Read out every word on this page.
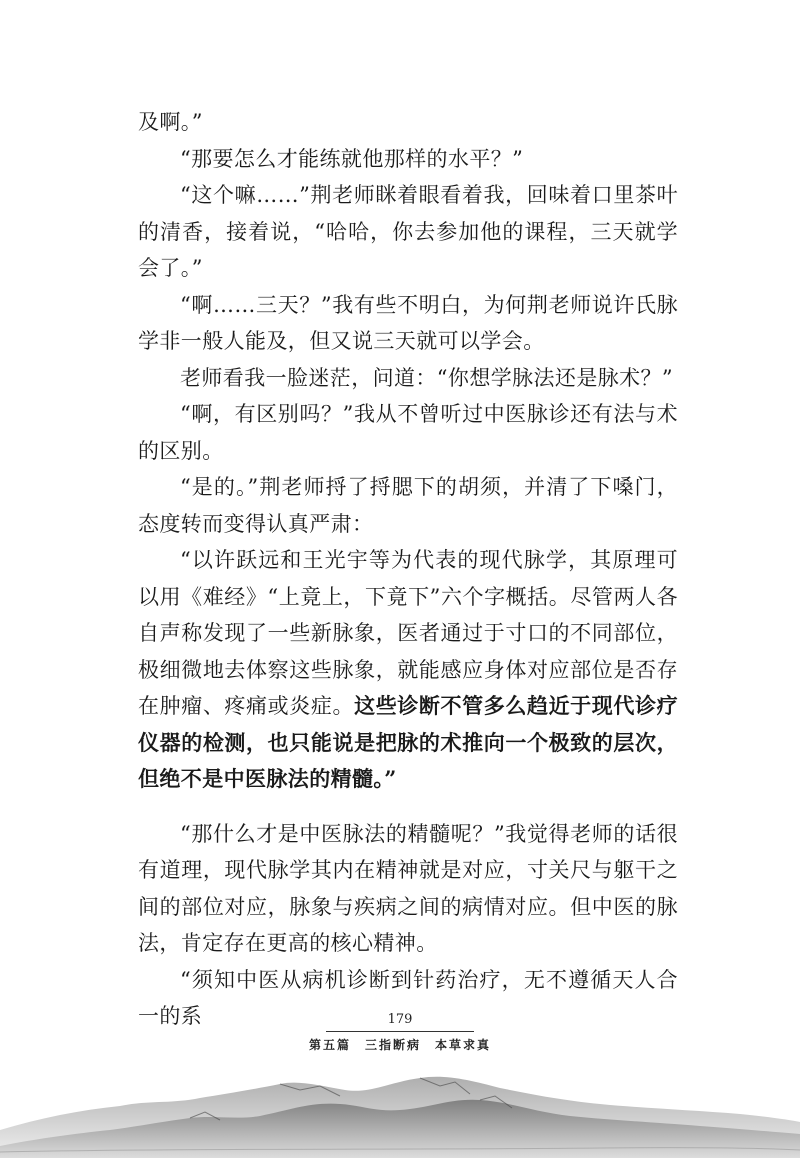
及啊。”

“那要怎么才能练就他那样的水平？”

“这个嘛……”荆老师眯着眼看着我，回味着口里茶叶的清香，接着说，“哈哈，你去参加他的课程，三天就学会了。”

“啊……三天？”我有些不明白，为何荆老师说许氏脉学非一般人能及，但又说三天就可以学会。

老师看我一脸迷茫，问道：“你想学脉法还是脉术？”

“啊，有区别吗？”我从不曾听过中医脉诊还有法与术的区别。

“是的。”荆老师捋了捋腮下的胡须，并清了下嗓门，态度转而变得认真严肃：

“以许跃远和王光宇等为代表的现代脉学，其原理可以用《难经》“上竟上，下竟下”六个字概括。尽管两人各自声称发现了一些新脉象，医者通过于寸口的不同部位，极细微地去体察这些脉象，就能感应身体对应部位是否存在肿瘤、疼痛或炎症。这些诊断不管多么趋近于现代诊疗仪器的检测，也只能说是把脉的术推向一个极致的层次，但绝不是中医脉法的精髓。”

“那什么才是中医脉法的精髓呢？”我觉得老师的话很有道理，现代脉学其内在精神就是对应，寸关尺与躯干之间的部位对应，脉象与疾病之间的病情对应。但中医的脉法，肯定存在更高的核心精神。

“须知中医从病机诊断到针药治疗，无不遵循天人合一的系	179
第五篇　三指断病　本草求真
